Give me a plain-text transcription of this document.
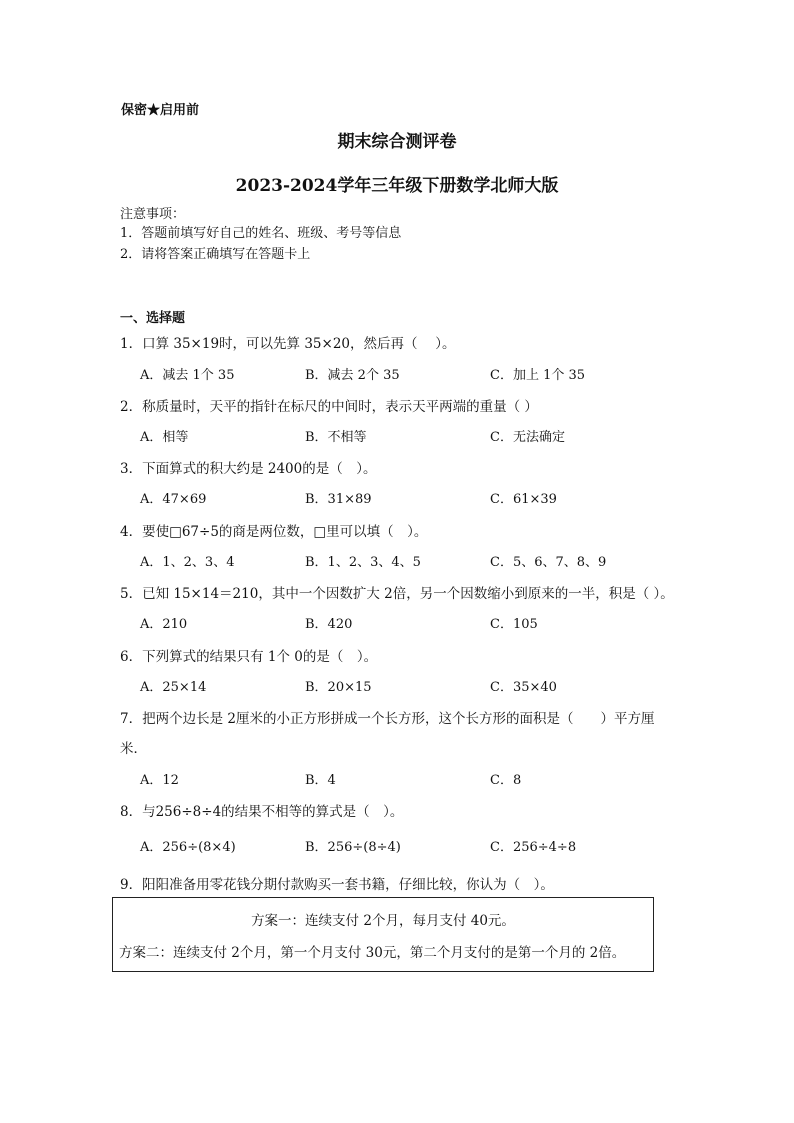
保密★启用前
期末综合测评卷
2023-2024学年三年级下册数学北师大版
注意事项：
1．答题前填写好自己的姓名、班级、考号等信息
2．请将答案正确填写在答题卡上
一、选择题
1．口算 35×19时，可以先算 35×20，然后再（　 ）。
A．减去 1个 35	B．减去 2个 35	C．加上 1个 35
2．称质量时，天平的指针在标尺的中间时，表示天平两端的重量（ ）
A．相等	B．不相等	C．无法确定
3．下面算式的积大约是 2400的是（　）。
A．47×69	B．31×89	C．61×39
4．要使□67÷5的商是两位数，□里可以填（　）。
A．1、2、3、4	B．1、2、3、4、5	C．5、6、7、8、9
5．已知 15×14＝210，其中一个因数扩大 2倍，另一个因数缩小到原来的一半，积是（ ）。
A．210	B．420	C．105
6．下列算式的结果只有 1个 0的是（　）。
A．25×14	B．20×15	C．35×40
7．把两个边长是 2厘米的小正方形拼成一个长方形，这个长方形的面积是（　　）平方厘
米．
A．12	B．4	C．8
8．与256÷8÷4的结果不相等的算式是（　）。
A．256÷(8×4)	B．256÷(8÷4)	C．256÷4÷8
9．阳阳准备用零花钱分期付款购买一套书籍，仔细比较，你认为（　）。
方案一：连续支付 2个月，每月支付 40元。
方案二：连续支付 2个月，第一个月支付 30元，第二个月支付的是第一个月的 2倍。
